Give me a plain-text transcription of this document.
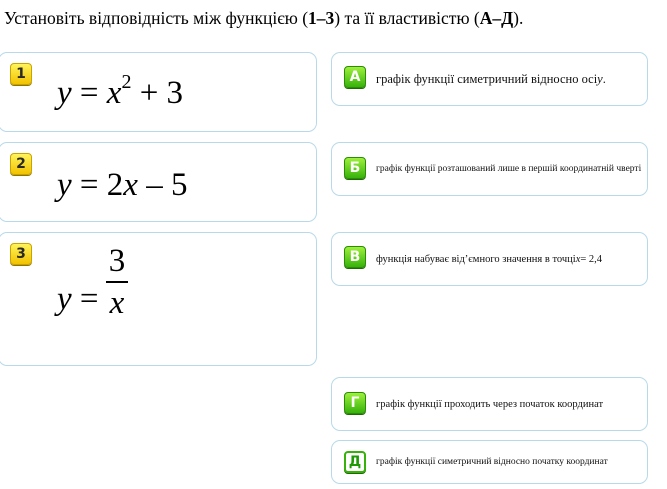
Установіть відповідність між функцією (1–3) та її властивістю (А–Д).
1
$y = x^2 + 3$
2
y = 2x – 5
3
y =
3
x
А	графік функції симетричний відносно осі y .
Б	графік функції розташований лише в першій координатній чверті
В	функція набуває від’ємного значення в точці x = 2,4
Г	графік функції проходить через початок координат
Д	графік функції симетричний відносно початку координат
